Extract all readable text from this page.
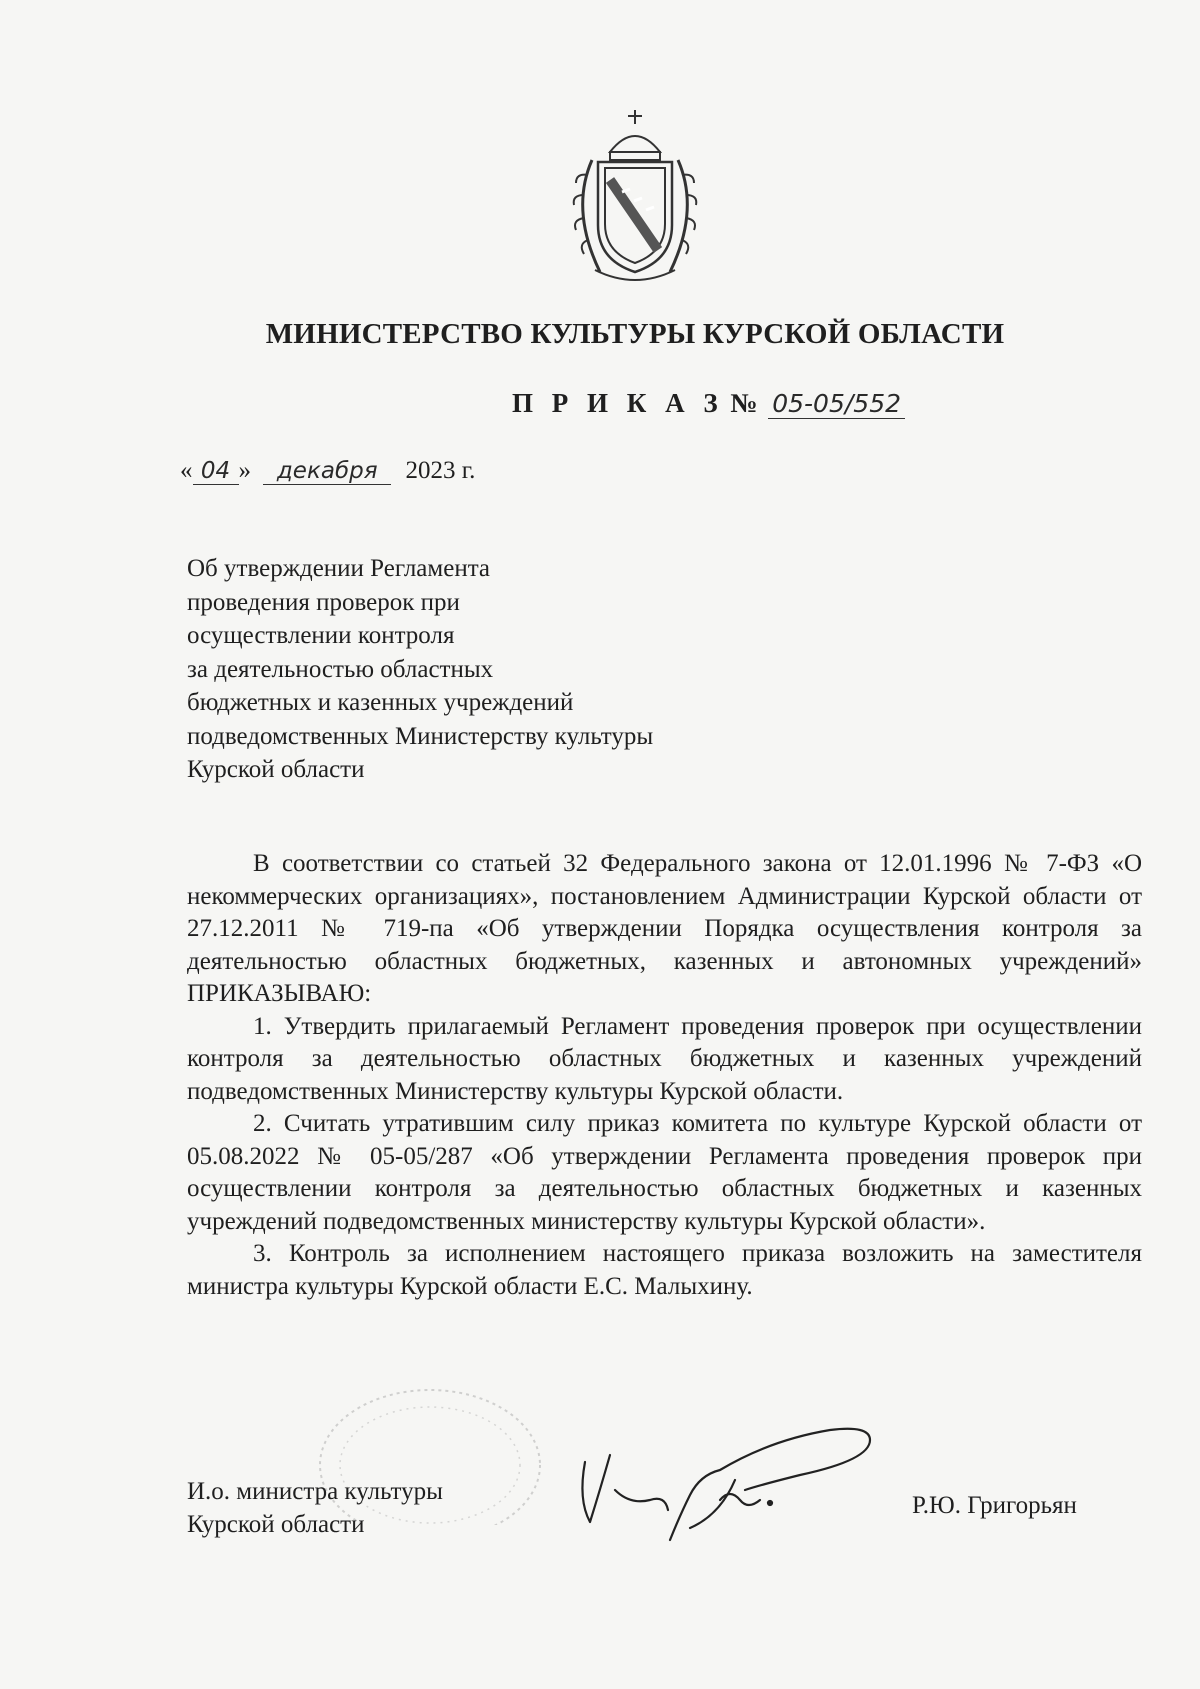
МИНИСТЕРСТВО КУЛЬТУРЫ КУРСКОЙ ОБЛАСТИ
П Р И К А З № 05-05/552
« 04 » декабря 2023 г.
Об утверждении Регламента
проведения проверок при
осуществлении контроля
за деятельностью областных
бюджетных и казенных учреждений
подведомственных Министерству культуры
Курской области

В соответствии со статьей 32 Федерального закона от 12.01.1996 № 7-ФЗ «О некоммерческих организациях», постановлением Администрации Курской области от 27.12.2011 № 719-па «Об утверждении Порядка осуществления контроля за деятельностью областных бюджетных, казенных и автономных учреждений» ПРИКАЗЫВАЮ:

1. Утвердить прилагаемый Регламент проведения проверок при осуществлении контроля за деятельностью областных бюджетных и казенных учреждений подведомственных Министерству культуры Курской области.

2. Считать утратившим силу приказ комитета по культуре Курской области от 05.08.2022 № 05-05/287 «Об утверждении Регламента проведения проверок при осуществлении контроля за деятельностью областных бюджетных и казенных учреждений подведомственных министерству культуры Курской области».

3. Контроль за исполнением настоящего приказа возложить на заместителя министра культуры Курской области Е.С. Малыхину.

И.о. министра культуры
Курской области
Р.Ю. Григорьян
